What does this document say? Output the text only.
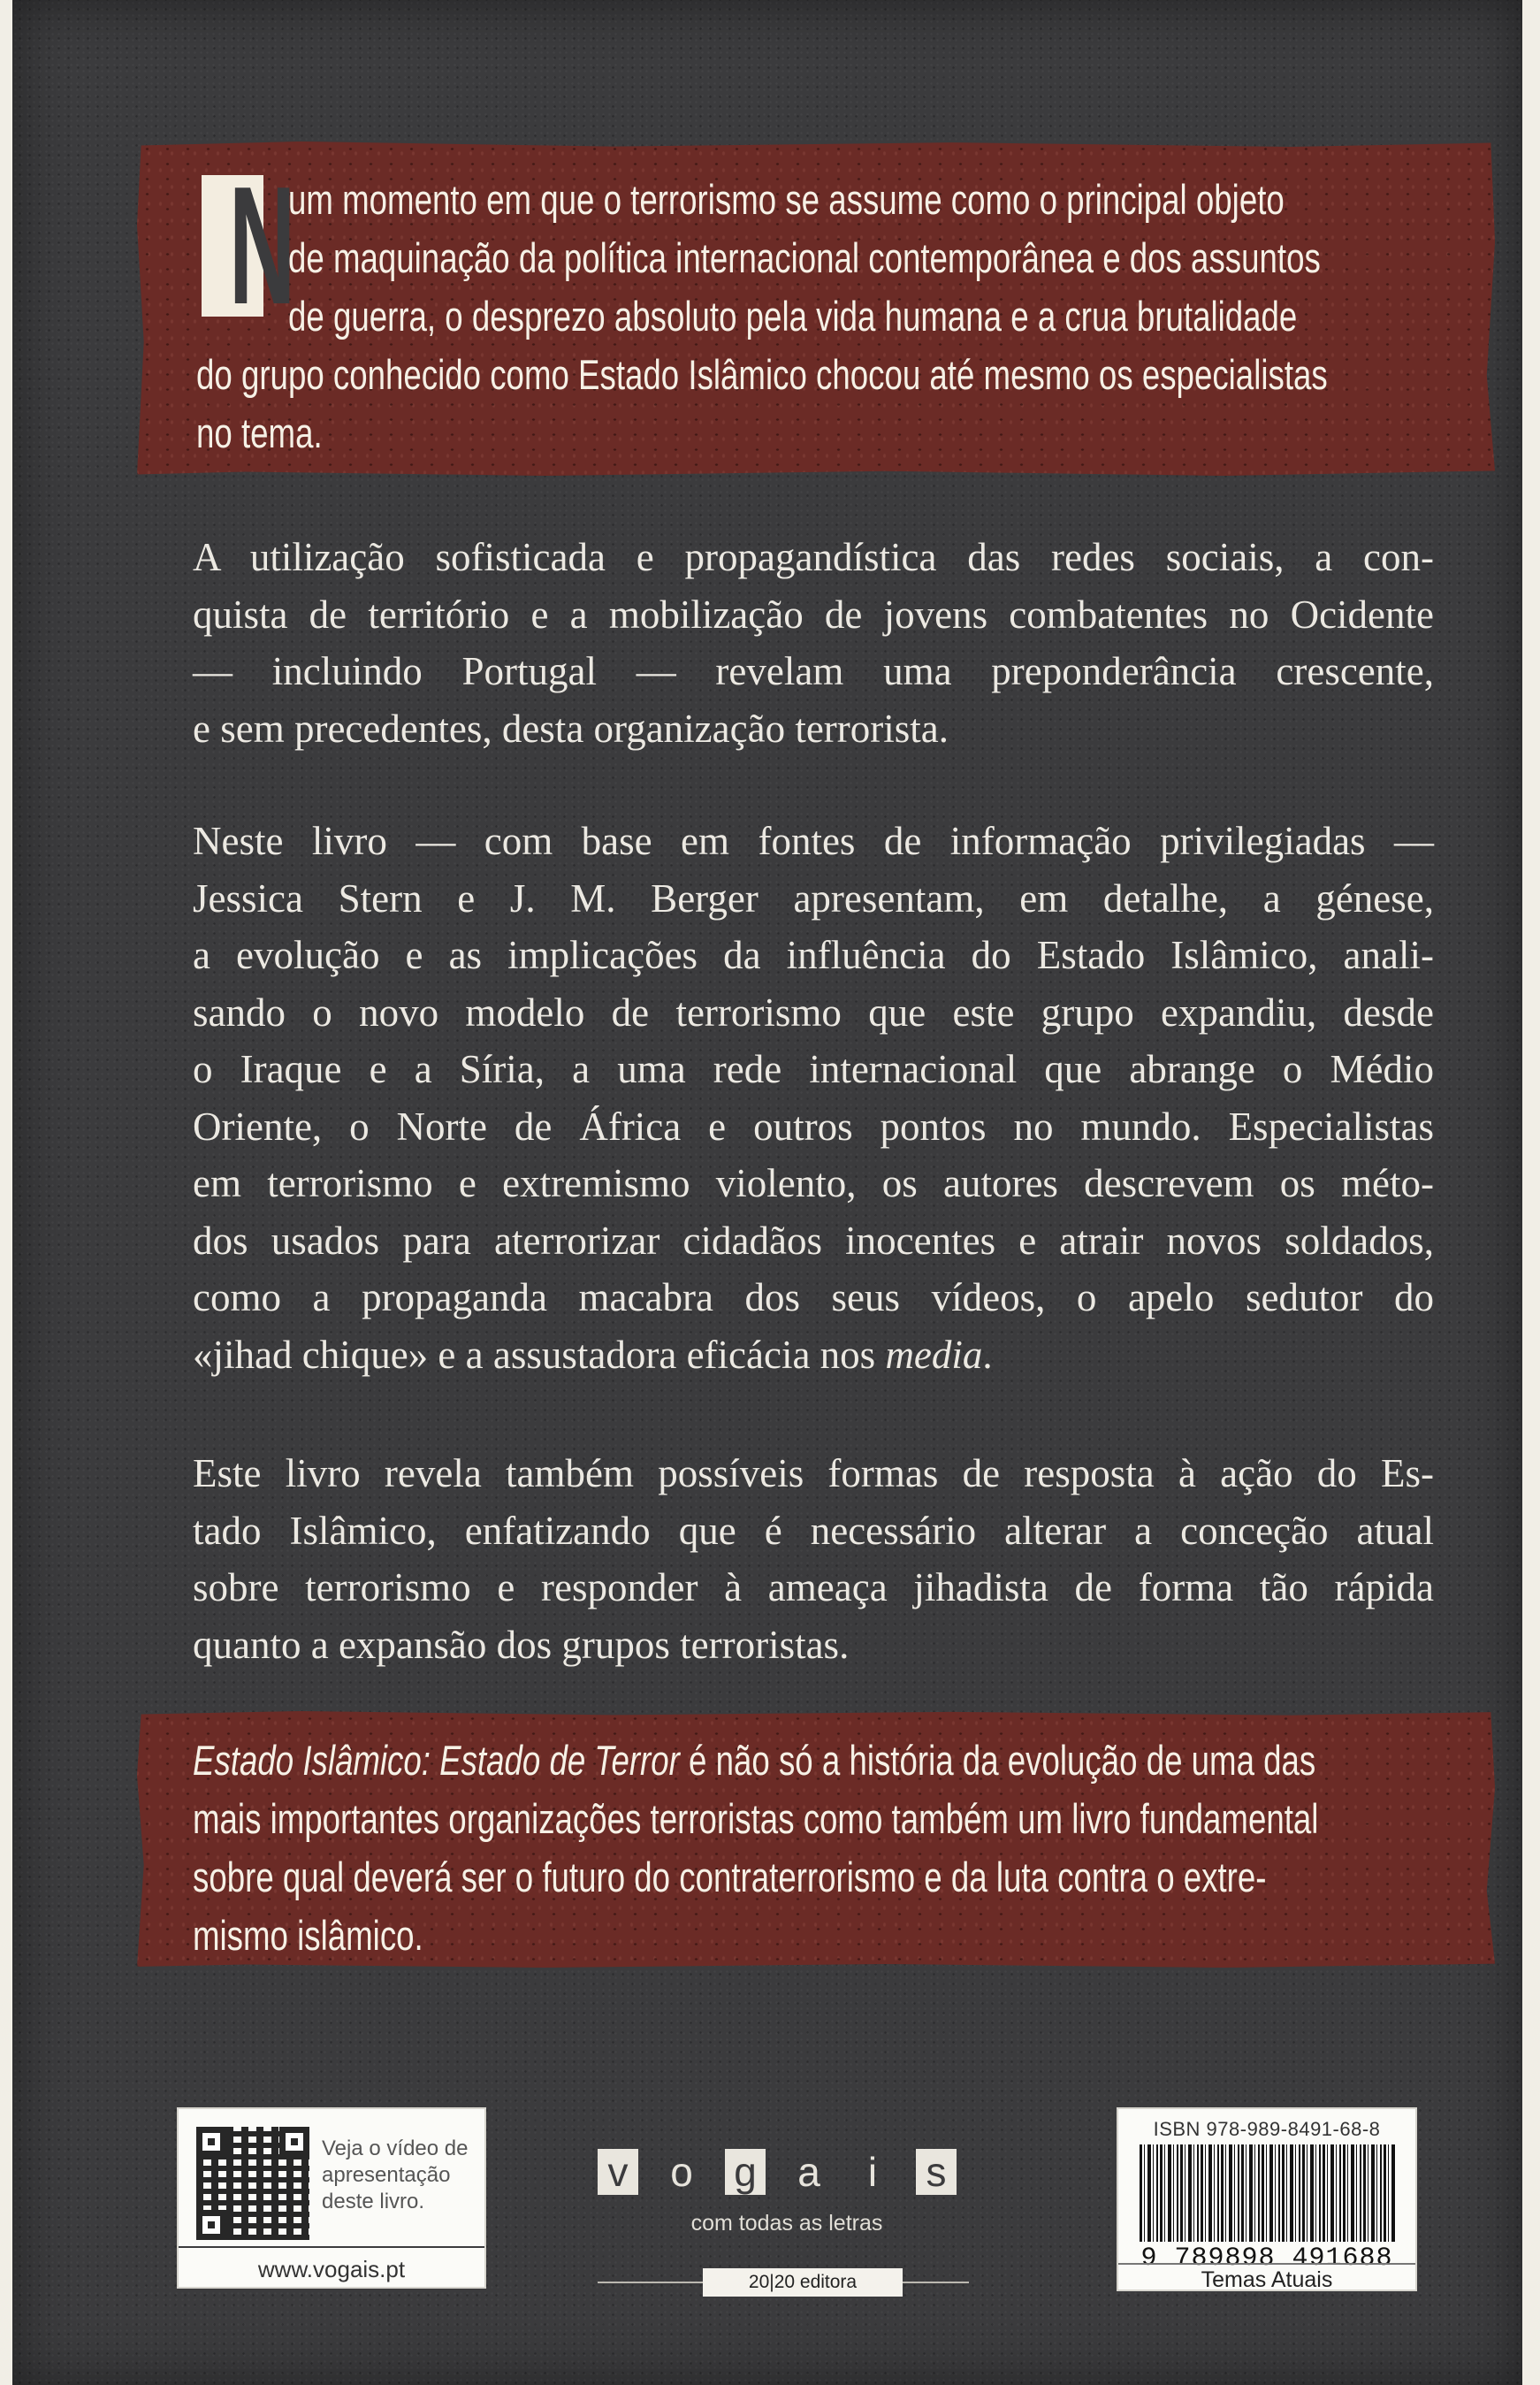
N
um momento em que o terrorismo se assume como o principal objeto
de maquinação da política internacional contemporânea e dos assuntos
de guerra, o desprezo absoluto pela vida humana e a crua brutalidade
do grupo conhecido como Estado Islâmico chocou até mesmo os especialistas
no tema.
A utilização sofisticada e propagandística das redes sociais, a con-
quista de território e a mobilização de jovens combatentes no Ocidente
— incluindo Portugal — revelam uma preponderância crescente,
e sem precedentes, desta organização terrorista.
Neste livro — com base em fontes de informação privilegiadas —
Jessica Stern e J. M. Berger apresentam, em detalhe, a génese,
a evolução e as implicações da influência do Estado Islâmico, anali-
sando o novo modelo de terrorismo que este grupo expandiu, desde
o Iraque e a Síria, a uma rede internacional que abrange o Médio
Oriente, o Norte de África e outros pontos no mundo. Especialistas
em terrorismo e extremismo violento, os autores descrevem os méto-
dos usados para aterrorizar cidadãos inocentes e atrair novos soldados,
como a propaganda macabra dos seus vídeos, o apelo sedutor do
«jihad chique» e a assustadora eficácia nos media.
Este livro revela também possíveis formas de resposta à ação do Es-
tado Islâmico, enfatizando que é necessário alterar a conceção atual
sobre terrorismo e responder à ameaça jihadista de forma tão rápida
quanto a expansão dos grupos terroristas.
Estado Islâmico: Estado de Terror é não só a história da evolução de uma das
mais importantes organizações terroristas como também um livro fundamental
sobre qual deverá ser o futuro do contraterrorismo e da luta contra o extre-
mismo islâmico.
Veja o vídeo de apresentação deste livro.
www.vogais.pt
v o g a	i	s
com todas as letras
20|20 editora
ISBN 978-989-8491-68-8
9 789898 491688
Temas Atuais
